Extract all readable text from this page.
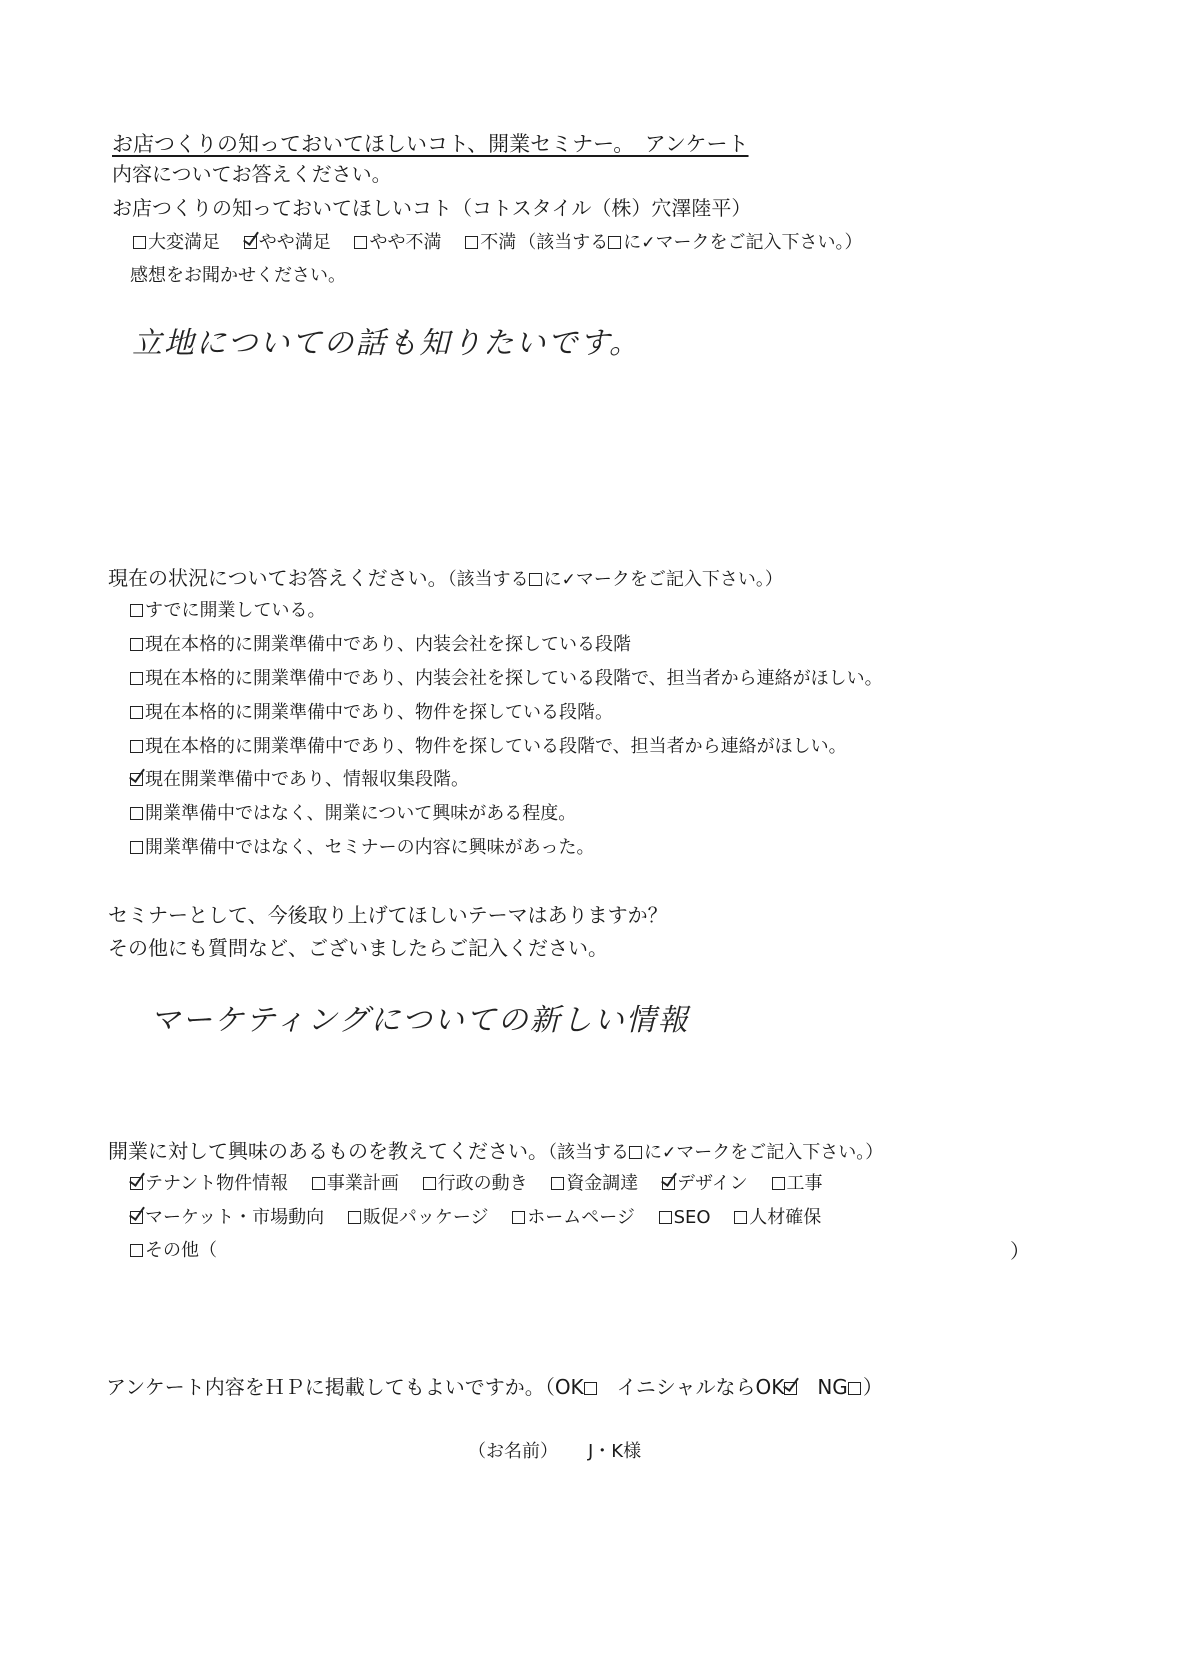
お店つくりの知っておいてほしいコト、開業セミナー。　アンケート
内容についてお答えください。
お店つくりの知っておいてほしいコト（コトスタイル（株）穴澤陸平）
大変満足 やや満足 やや不満 不満 （該当する に✓マークをご記入下さい。）
感想をお聞かせください。
立地についての話も知りたいです。
現在の状況についてお答えください。（該当する に✓マークをご記入下さい。）
すでに開業している。
現在本格的に開業準備中であり、内装会社を探している段階
現在本格的に開業準備中であり、内装会社を探している段階で、担当者から連絡がほしい。
現在本格的に開業準備中であり、物件を探している段階。
現在本格的に開業準備中であり、物件を探している段階で、担当者から連絡がほしい。
現在開業準備中であり、情報収集段階。
開業準備中ではなく、開業について興味がある程度。
開業準備中ではなく、セミナーの内容に興味があった。
セミナーとして、今後取り上げてほしいテーマはありますか？
その他にも質問など、ございましたらご記入ください。
マーケティングについての新しい情報
開業に対して興味のあるものを教えてください。（該当する に✓マークをご記入下さい。）
テナント物件情報 事業計画 行政の動き 資金調達 デザイン 工事
マーケット・市場動向 販促パッケージ ホームページ SEO 人材確保
その他（	）
アンケート内容をＨＰに掲載してもよいですか。（OK イニシャルならOK NG ）
（お名前） J・K様
